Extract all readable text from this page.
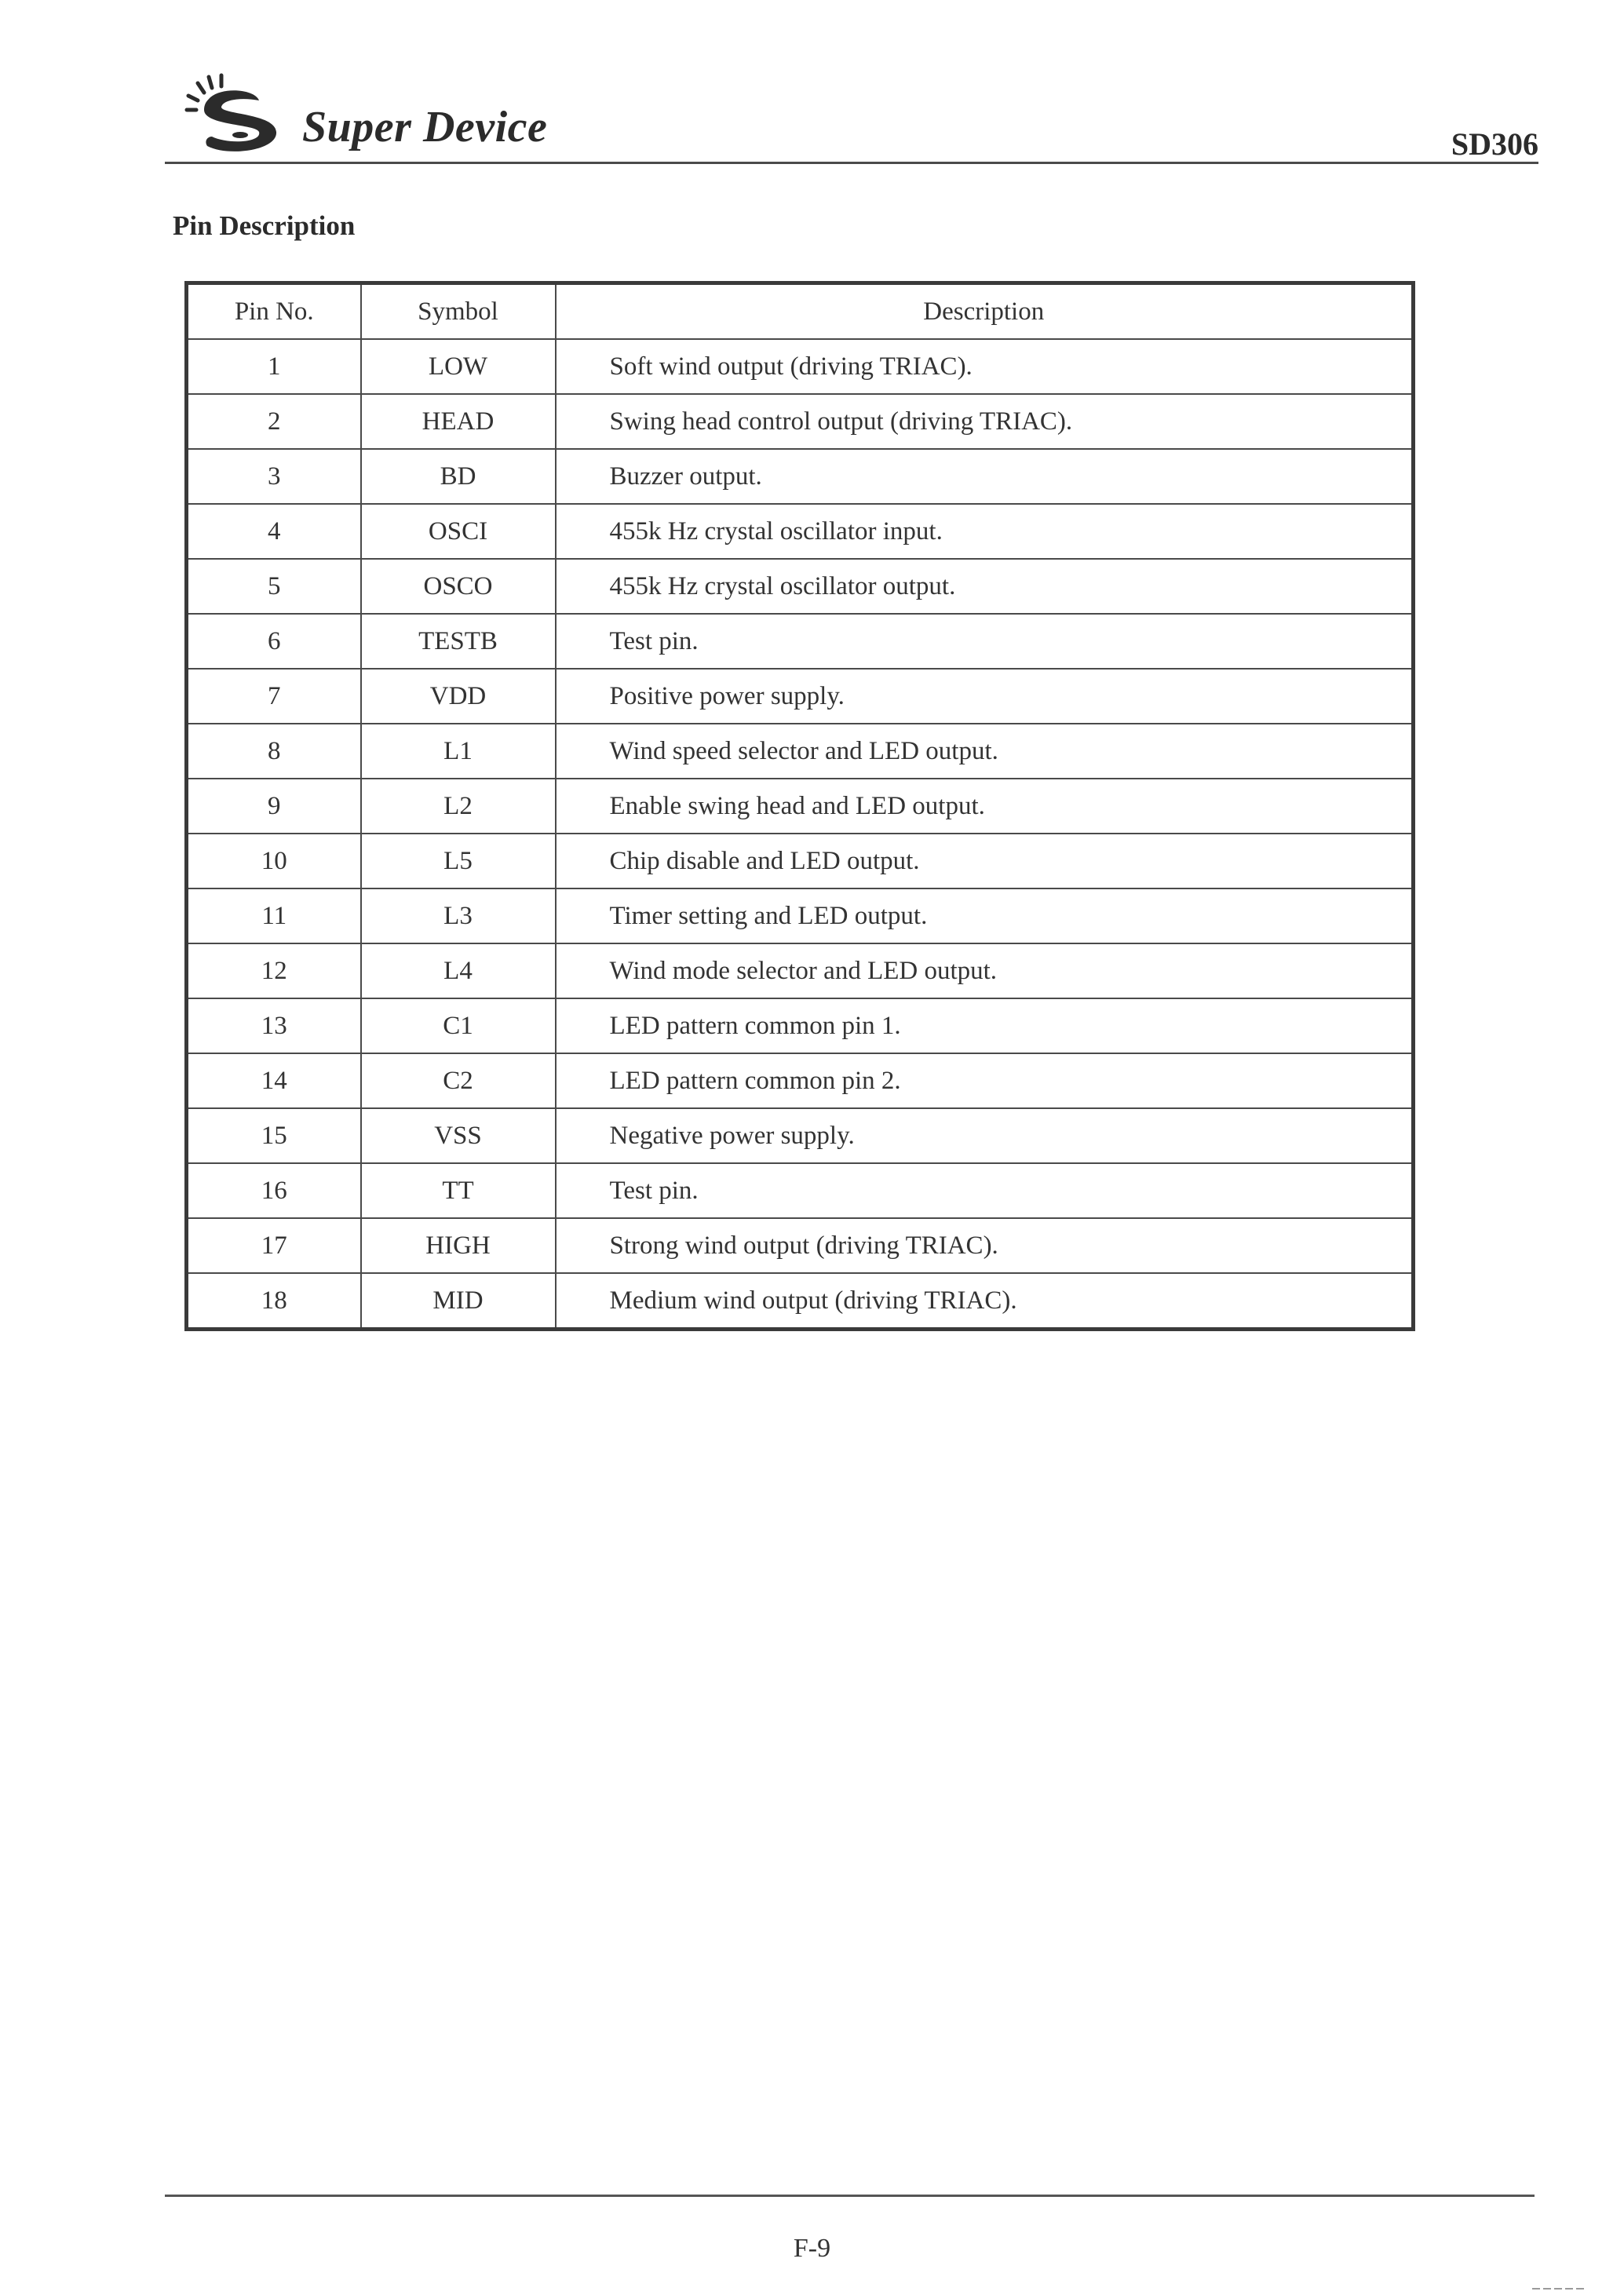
Super Device	SD306
Pin Description
Pin No.	Symbol	Description
1	LOW	Soft wind output (driving TRIAC).
2	HEAD	Swing head control output (driving TRIAC).
3	BD	Buzzer output.
4	OSCI	455k Hz crystal oscillator input.
5	OSCO	455k Hz crystal oscillator output.
6	TESTB	Test pin.
7	VDD	Positive power supply.
8	L1	Wind speed selector and LED output.
9	L2	Enable swing head and LED output.
10	L5	Chip disable and LED output.
11	L3	Timer setting and LED output.
12	L4	Wind mode selector and LED output.
13	C1	LED pattern common pin 1.
14	C2	LED pattern common pin 2.
15	VSS	Negative power supply.
16	TT	Test pin.
17	HIGH	Strong wind output (driving TRIAC).
18	MID	Medium wind output (driving TRIAC).
F-9
